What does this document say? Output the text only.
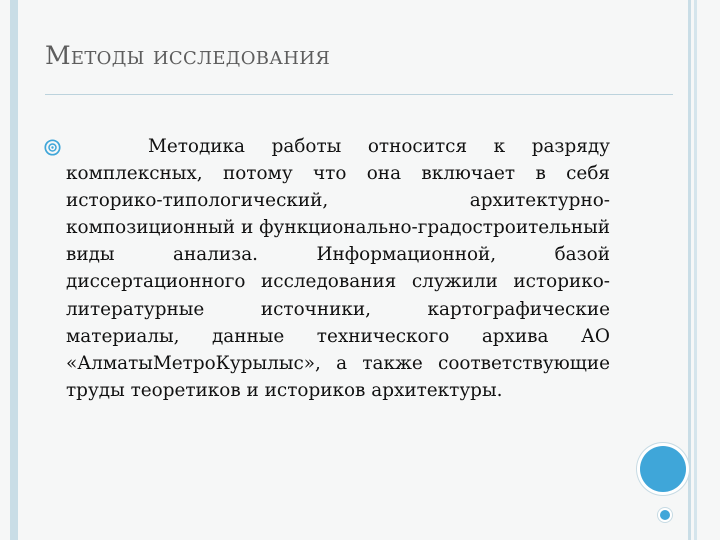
Методы исследования

Методика работы относится к разряду комплексных, потому что она включает в себя историко-типологический, архитектурно-композиционный и функционально-градостроительный виды анализа. Информационной, базой диссертационного исследования служили историко-литературные источники, картографические материалы, данные технического архива АО «АлматыМетроКурылыс», а также соответствующие труды теоретиков и историков архитектуры.
